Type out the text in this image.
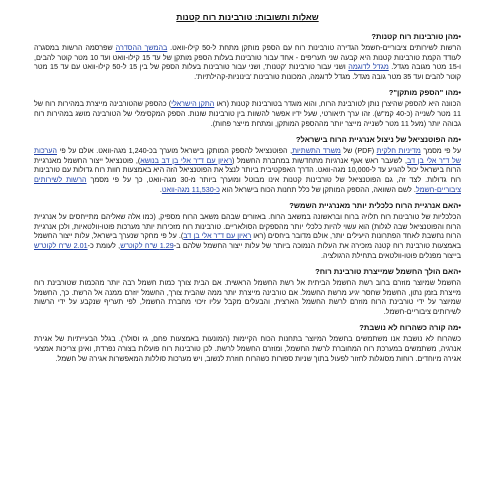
שאלות ותשובות: טורבינות רוח קטנות
•מהן טורבינות רוח קטנות?

הרשות לשירותים ציבוריים-חשמל הגדירה טורבינות רוח עם הספק מותקן מתחת ל-50 קילו-וואט. בהמשך ההסדרה שפרסמה הרשות במסגרה לעודד הקמת טורבינות קטנות היא קבעה שני תעריפים - אחד עבור טורבינות בעלות הספק מותקן של עד 15 קילו-וואט ועד 10 מטר קוטר להבים, ו-15 מטר מגובה מגדל. מגדל לדוגמה ושני עבור טורבינות 'קטנות', ושני עבור טורבינות בעלות הספק של בין 15 ל-50 קילו-וואט עם עד 15 מטר קוטר להבים ועד 35 מטר גובה מגדל. מגדל לדוגמה, המכונות טורבינות 'בינוניות-קהילתיות'.

•מהו "הספק מותקן"?

הכוונה היא להספק שהיצרן נותן לטורבינת הרוח, והוא מוגדר בטורבינות קטנות (ראו התקן הישראלי) כהספק שהטורבינה מייצרת במהירות רוח של 11 מטר לשנייה (כ-40 קמ"ש). זהו ערך תיאורטי, שעל ידיו אפשר להשוות בין טורבינות שונות. הספק המקסימלי של הטורבינה מושג במהירות רוח גבוהה יותר (מעל 11 מטר לשנייה מייצר יותר מההספק המותקן, ומתחת מייצר פחות).

•מה הפוטנציאל של ניצול אנרגיית הרוח בישראל?

על פי מסמך מדיניות חלקית (PDF) של משרד התשתיות, הפוטנציאל להספק המותקן בישראל מוערך בכ-1,240 מגה-וואט. אולם על פי הערכות של ד"ר אלי בן דב, לשעבר ראש אגף אנרגיות מתחדשות במחברת החשמל (ראיון עם ד"ר אלי בן דב בנושא), פוטנציאל ייצור החשמל מאנרגיית הרוח בישראל יכול להגיע עד ל-10,000 מגה-וואט. הדרך האפקטיבית ביותר לנצל את הפוטנציאל הזה היא באמצעות חוות רוח גדולות עם טורבינות רוח גדולות. לצד זה, גם הפוטנציאל של טורבינות קטנות אינו מבוטל ומוערך ביותר מ-30 מגה-וואט, כך על פי מסמך הרשות לשירותים ציבוריים-חשמל. לשם השוואה, ההספק המותקן של כלל תחנות הכוח בישראל הוא כ-11,530 מגה-וואט.

•האם אנרגיית הרוח כלכלית יותר מאנרגיית השמש?

הכלכליות של טורבינות רוח תלויה ברוח ובראשונה במשאב הרוח. באזורים שבהם משאב הרוח מספיק, (כמו אלה שאליהם מתייחסים על אנרגיית הרוח והפוטנציאל שבה לגלות) הוא עשוי להיות כלכלי יותר מהספקים הסולאריים. טורבינות רוח מזכירות יותר מערכות פוטו-וולטאיות, ולכן אנרגיית הרוח נחשבת לאחד הפתרונות היעילים יותר, אולם מדובר ביחסים (ראו ראיון עם ד"ר אלי בן דב). על פי מחקר שנערך בישראל, עלות ייצור החשמל באמצעות טורבינת רוח קטנה מזכירה את העלות הנמוכה ביותר של עלות ייצור החשמל שלהם ב-1.29 ש"ח לקוט"ש, לעומת כ-2.01 ש"ח לקוט"ש בייצור מפנלים פוטו-וולטאים בתחילת הרגולציה.

•האם הולך החשמל שמייצרת טורבינת רוח?

החשמל שמיוצר מוזרם ברוב רשת החשמל הביתית אל רשת החשמל הראשית. אם הבית צורך כמות חשמל רבה יותר מהכמות שטורבינת רוח מייצרת בזמן נתון, החשמל שחסר יגיע מרשת החשמל. אם טורבינה מייצרת יותר ממה שהבית צורך, החשמל יוזרם ממנה אל הרשת. כך, החשמל שמיוצר על ידי טורבינת הרוח מוזרם לרשת החשמל הארצית, והבעלים מקבל עליו זיכוי מחברת החשמל, לפי תעריף שנקבע על ידי הרשות לשירותים ציבוריים-חשמל.

•מה קורה כשהרוח לא נושבת?

כשהרוח לא נושבת אנו משתמשים בחשמל המיוצר בתחנות הכוח הקיימות (המונעות באמצעות פחם, גז וסולר). בגלל הבעייתיות של אגירת אנרגיה, משתמשים במערכת רוח המחוברת לרשת החשמל, ומוזרם החשמל לרשת. לכן טורבינות רוח פועלות בצורה נפרדת, ואינן צריכות אמצעי אגירה מיוחדים. רוחות מסוגלות לחזור לפעול בתוך שניות ספורות כשהרוח חוזרת לנשוב, ויש מערכות סוללות המאפשרות אגירה של חשמל.
